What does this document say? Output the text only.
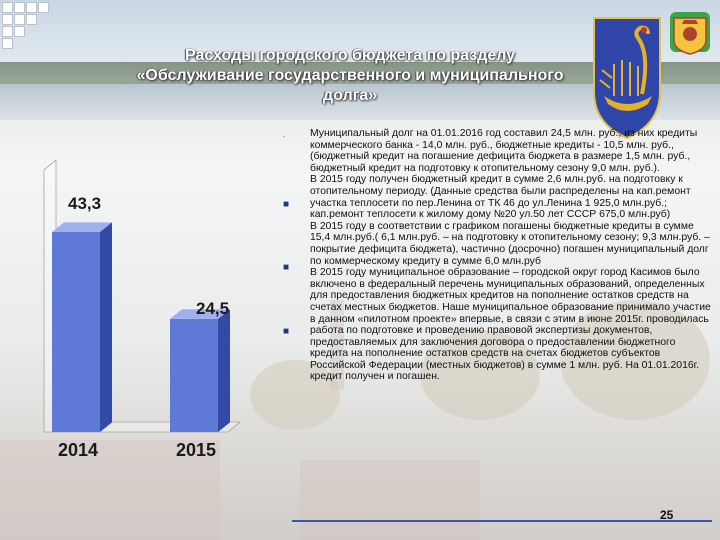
Расходы городского бюджета по разделу «Обслуживание государственного и муниципального долга»
43,3
2014
24,5
2015
.
■
■
■

Муниципальный долг на 01.01.2016 год составил 24,5 млн. руб., из них кредиты коммерческого банка - 14,0 млн. руб., бюджетные кредиты - 10,5 млн. руб., (бюджетный кредит на погашение дефицита бюджета в размере 1,5 млн. руб., бюджетный кредит на подготовку к отопительному сезону 9,0 млн. руб.).

В 2015 году получен бюджетный кредит в сумме 2,6 млн.руб. на подготовку к отопительному периоду. (Данные средства были распределены на кап.ремонт участка теплосети по пер.Ленина от ТК 46 до ул.Ленина 1 925,0 млн.руб.; кап.ремонт теплосети к жилому дому №20 ул.50 лет СССР 675,0 млн.руб)

В 2015 году в соответствии с графиком погашены бюджетные кредиты в сумме 15,4 млн.руб.( 6,1 млн.руб. – на подготовку к отопительному сезону; 9,3 млн.руб. – покрытие дефицита бюджета), частично (досрочно) погашен муниципальный долг по коммерческому кредиту в сумме 6,0 млн.руб

В 2015 году муниципальное образование – городской округ город Касимов было включено в федеральный перечень муниципальных образований, определенных для предоставления бюджетных кредитов на пополнение остатков средств на счетах местных бюджетов. Наше муниципальное образование принимало участие в данном «пилотном проекте» впервые, в связи с этим в июне 2015г. проводилась работа по подготовке и проведению правовой экспертизы документов, предоставляемых для заключения договора о предоставлении бюджетного кредита на пополнение остатков средств на счетах бюджетов субъектов Российской Федерации (местных бюджетов) в сумме 1 млн. руб. На 01.01.2016г. кредит получен и погашен.

25
